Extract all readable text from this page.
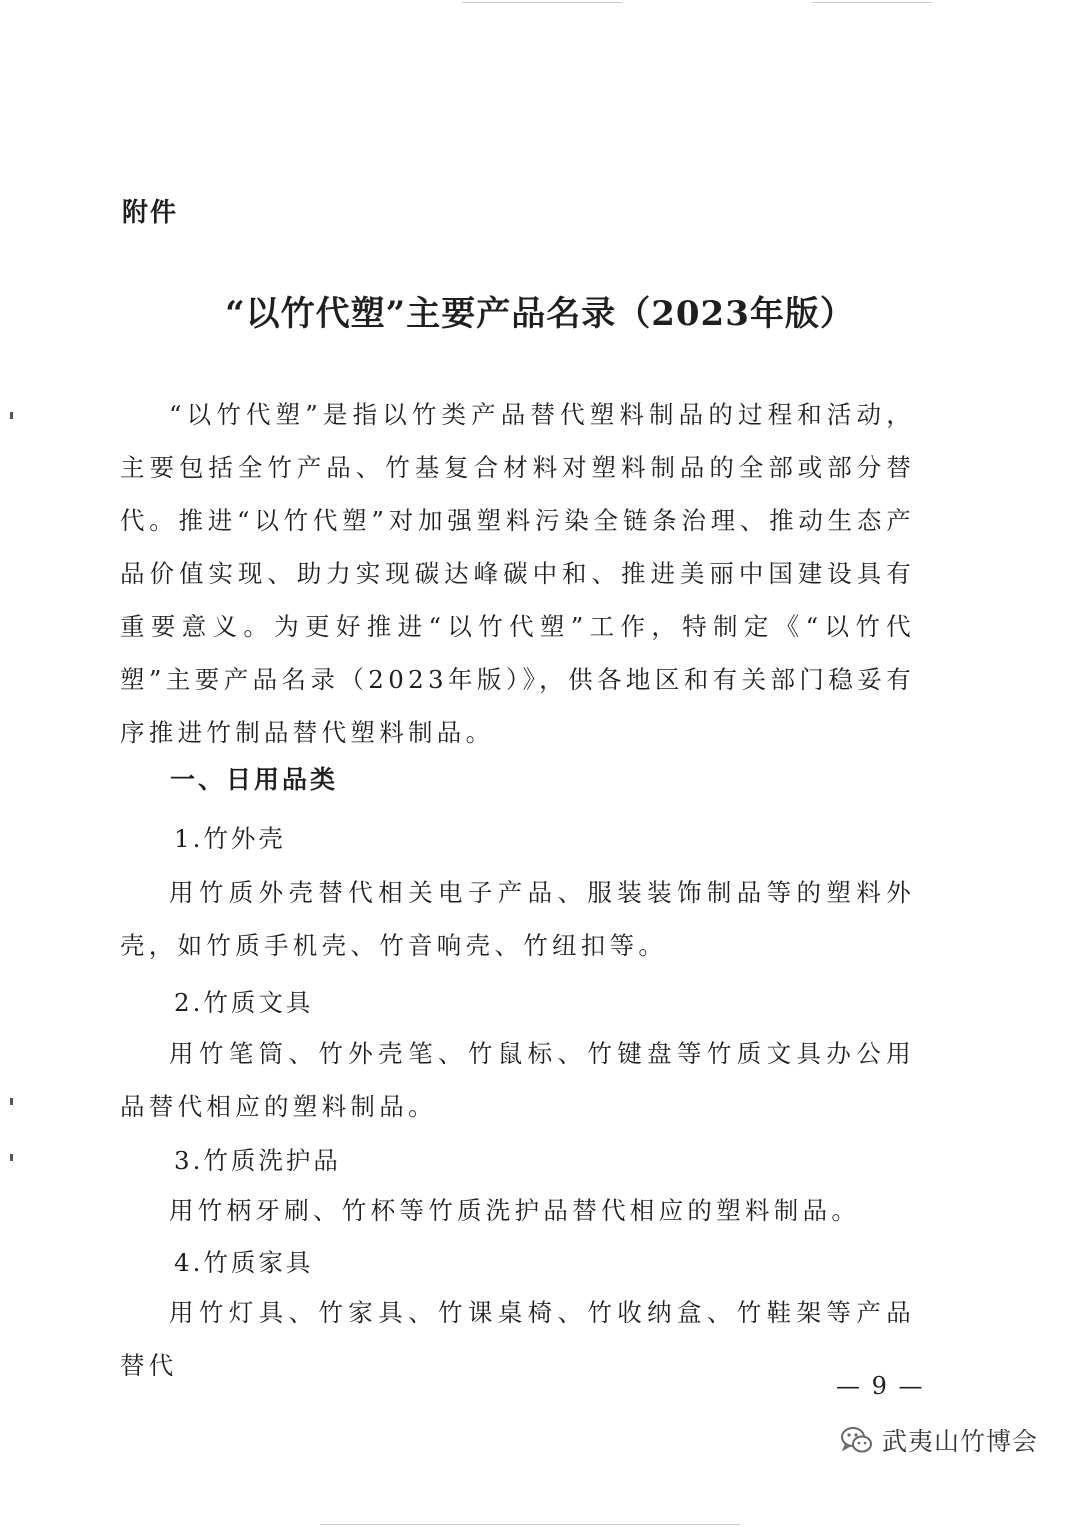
附件
“以竹代塑”主要产品名录（2023年版）

“以竹代塑”是指以竹类产品替代塑料制品的过程和活动，主要包括全竹产品、竹基复合材料对塑料制品的全部或部分替代。推进“以竹代塑”对加强塑料污染全链条治理、推动生态产品价值实现、助力实现碳达峰碳中和、推进美丽中国建设具有重要意义。为更好推进“以竹代塑”工作，特制定《“以竹代塑”主要产品名录（2023年版）》，供各地区和有关部门稳妥有序推进竹制品替代塑料制品。

一、日用品类
1.竹外壳

用竹质外壳替代相关电子产品、服装装饰制品等的塑料外壳，如竹质手机壳、竹音响壳、竹纽扣等。

2.竹质文具

用竹笔筒、竹外壳笔、竹鼠标、竹键盘等竹质文具办公用品替代相应的塑料制品。

3.竹质洗护品

用竹柄牙刷、竹杯等竹质洗护品替代相应的塑料制品。

4.竹质家具

用竹灯具、竹家具、竹课桌椅、竹收纳盒、竹鞋架等产品替代

— 9 —
武夷山竹博会
